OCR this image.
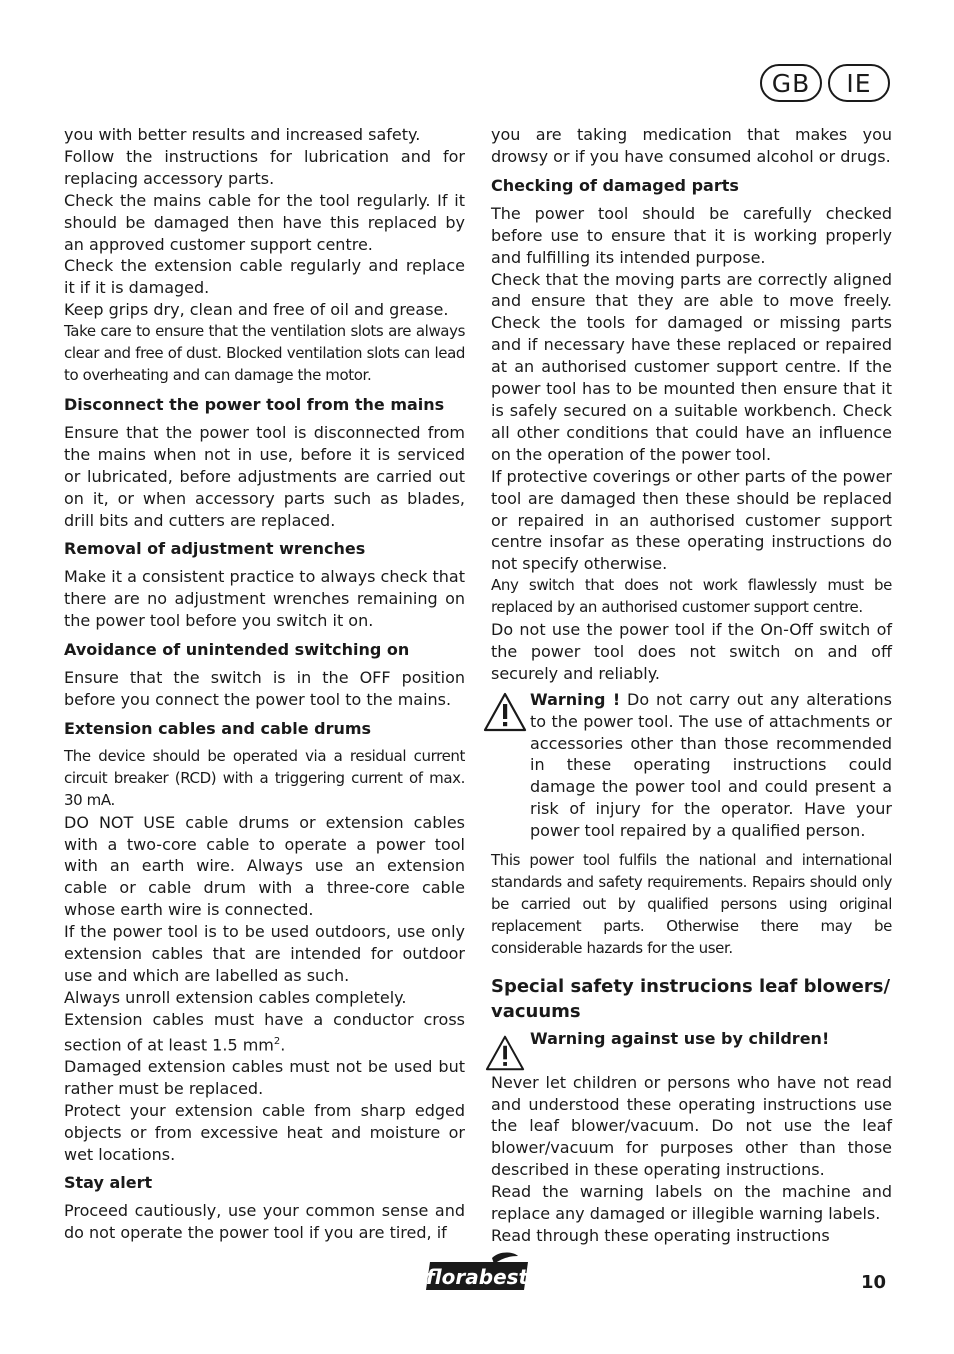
GB	IE

you with better results and increased safety.

Follow the instructions for lubrication and for replacing accessory parts.

Check the mains cable for the tool regularly. If it should be damaged then have this replaced by an approved customer support centre.

Check the extension cable regularly and replace it if it is damaged.

Keep grips dry, clean and free of oil and grease.

Take care to ensure that the ventilation slots are always clear and free of dust. Blocked ventilation slots can lead to overheating and can damage the motor.

Disconnect the power tool from the mains

Ensure that the power tool is disconnected from the mains when not in use, before it is serviced or lubricated, before adjustments are carried out on it, or when accessory parts such as blades, drill bits and cutters are replaced.

Removal of adjustment wrenches

Make it a consistent practice to always check that there are no adjustment wrenches remaining on the power tool before you switch it on.

Avoidance of unintended switching on

Ensure that the switch is in the OFF position before you connect the power tool to the mains.

Extension cables and cable drums

The device should be operated via a residual current circuit breaker (RCD) with a triggering current of max. 30 mA.

DO NOT USE cable drums or extension cables with a two-core cable to operate a power tool with an earth wire. Always use an extension cable or cable drum with a three-core cable whose earth wire is connected.

If the power tool is to be used outdoors, use only extension cables that are intended for outdoor use and which are labelled as such.

Always unroll extension cables completely.

Extension cables must have a conductor cross section of at least 1.5 $mm^2$.

Damaged extension cables must not be used but rather must be replaced.

Protect your extension cable from sharp edged objects or from excessive heat and moisture or wet locations.

Stay alert

Proceed cautiously, use your common sense and do not operate the power tool if you are tired, if

you are taking medication that makes you drowsy or if you have consumed alcohol or drugs.

Checking of damaged parts

The power tool should be carefully checked before use to ensure that it is working properly and fulfilling its intended purpose.

Check that the moving parts are correctly aligned and ensure that they are able to move freely. Check the tools for damaged or missing parts and if necessary have these replaced or repaired at an authorised customer support centre. If the power tool has to be mounted then ensure that it is safely secured on a suitable workbench. Check all other conditions that could have an influence on the operation of the power tool.

If protective coverings or other parts of the power tool are damaged then these should be replaced or repaired in an authorised customer support centre insofar as these operating instructions do not specify otherwise.

Any switch that does not work flawlessly must be replaced by an authorised customer support centre.

Do not use the power tool if the On-Off switch of the power tool does not switch on and off securely and reliably.

Warning ! Do not carry out any alterations to the power tool. The use of attachments or accessories other than those recommended in these operating instructions could damage the power tool and could present a risk of injury for the operator. Have your power tool repaired by a qualified person.

This power tool fulfils the national and international standards and safety requirements. Repairs should only be carried out by qualified persons using original replacement parts. Otherwise there may be considerable hazards for the user.

Special safety instrucions leaf blowers/ vacuums
Warning against use by children!

Never let children or persons who have not read and understood these operating instructions use the leaf blower/vacuum. Do not use the leaf blower/vacuum for purposes other than those described in these operating instructions.

Read the warning labels on the machine and replace any damaged or illegible warning labels.

Read through these operating instructions

florabest	10
